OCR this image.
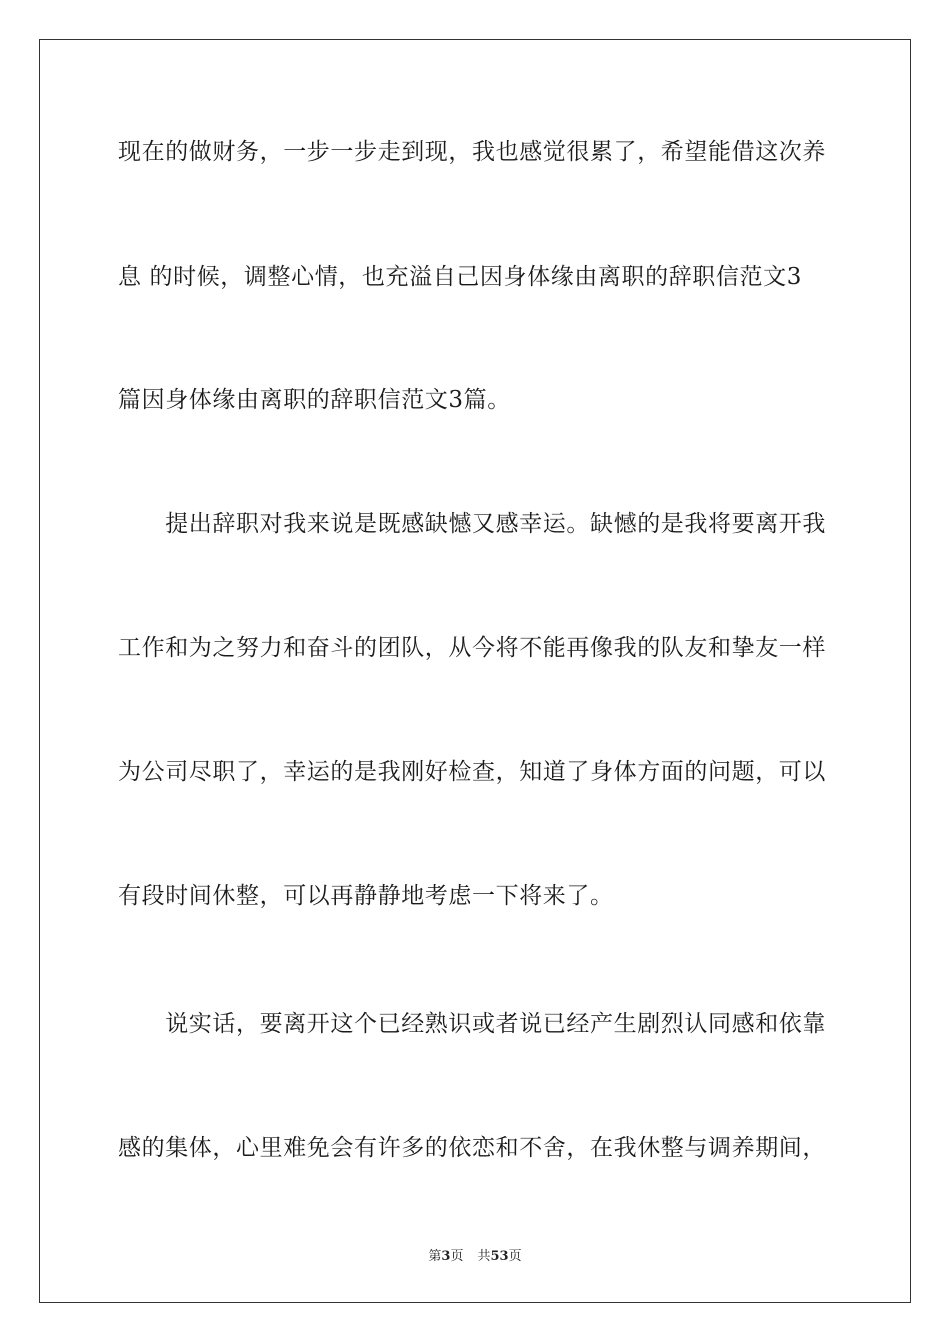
现在的做财务，一步一步走到现，我也感觉很累了，希望能借这次养
息 的时候，调整心情，也充溢自己因身体缘由离职的辞职信范文3
篇因身体缘由离职的辞职信范文3篇。
　　提出辞职对我来说是既感缺憾又感幸运。缺憾的是我将要离开我
工作和为之努力和奋斗的团队，从今将不能再像我的队友和挚友一样
为公司尽职了，幸运的是我刚好检查，知道了身体方面的问题，可以
有段时间休整，可以再静静地考虑一下将来了。
　　说实话，要离开这个已经熟识或者说已经产生剧烈认同感和依靠
感的集体，心里难免会有许多的依恋和不舍，在我休整与调养期间，
第3页 共53页
